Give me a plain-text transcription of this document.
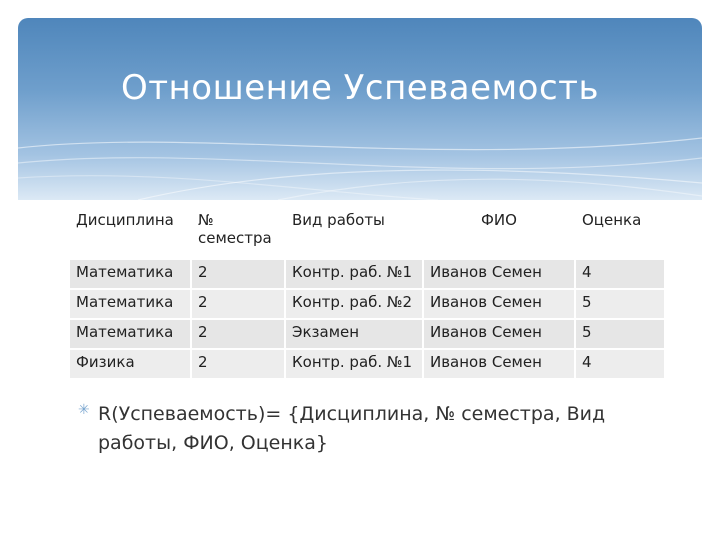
Отношение Успеваемость
Дисциплина	№ семестра	Вид работы	ФИО	Оценка
Математика	2	Контр. раб. №1	Иванов Семен	4
Математика	2	Контр. раб. №2	Иванов Семен	5
Математика	2	Экзамен	Иванов Семен	5
Физика	2	Контр. раб. №1	Иванов Семен	4
✳ R(Успеваемость)= {Дисциплина, № семестра, Вид работы, ФИО, Оценка}
